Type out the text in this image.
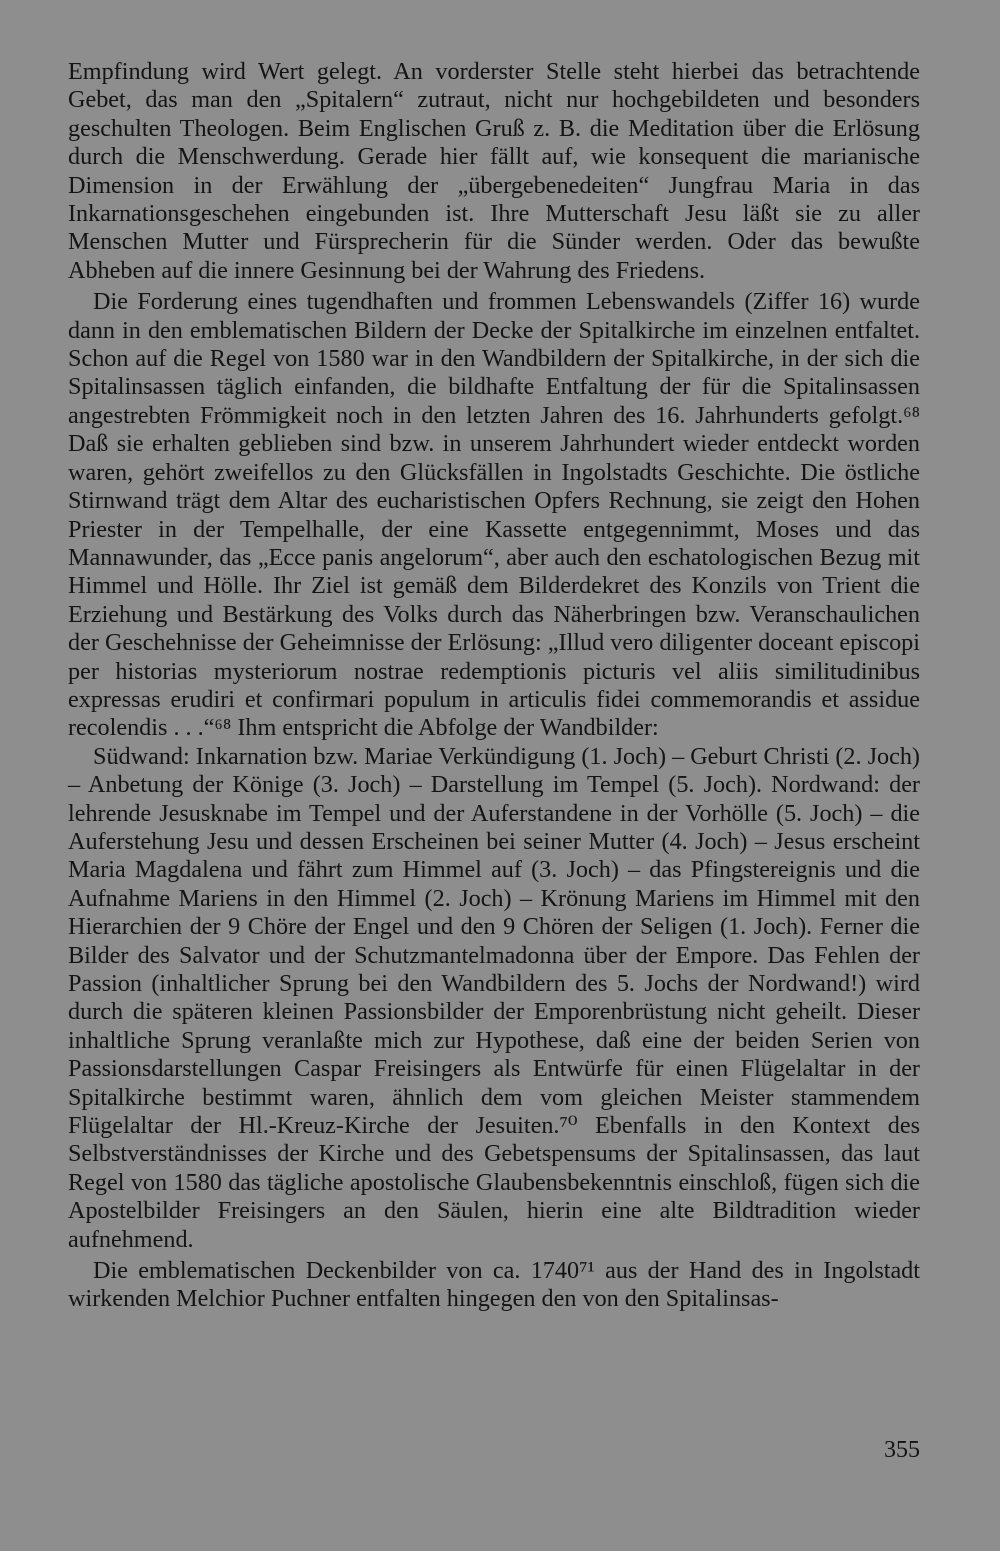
Empfindung wird Wert gelegt. An vorderster Stelle steht hierbei das betrachtende Gebet, das man den „Spitalern“ zutraut, nicht nur hochgebildeten und besonders geschulten Theologen. Beim Englischen Gruß z. B. die Meditation über die Erlösung durch die Menschwerdung. Gerade hier fällt auf, wie konsequent die marianische Dimension in der Erwählung der „übergebenedeiten“ Jungfrau Maria in das Inkarnationsgeschehen eingebunden ist. Ihre Mutterschaft Jesu läßt sie zu aller Menschen Mutter und Fürsprecherin für die Sünder werden. Oder das bewußte Abheben auf die innere Gesinnung bei der Wahrung des Friedens.

Die Forderung eines tugendhaften und frommen Lebenswandels (Ziffer 16) wurde dann in den emblematischen Bildern der Decke der Spitalkirche im einzelnen entfaltet. Schon auf die Regel von 1580 war in den Wandbildern der Spitalkirche, in der sich die Spitalinsassen täglich einfanden, die bildhafte Entfaltung der für die Spitalinsassen angestrebten Frömmigkeit noch in den letzten Jahren des 16. Jahrhunderts gefolgt.⁶⁸ Daß sie erhalten geblieben sind bzw. in unserem Jahrhundert wieder entdeckt worden waren, gehört zweifellos zu den Glücksfällen in Ingolstadts Geschichte. Die östliche Stirnwand trägt dem Altar des eucharistischen Opfers Rechnung, sie zeigt den Hohen Priester in der Tempelhalle, der eine Kassette entgegennimmt, Moses und das Mannawunder, das „Ecce panis angelorum“, aber auch den eschatologischen Bezug mit Himmel und Hölle. Ihr Ziel ist gemäß dem Bilderdekret des Konzils von Trient die Erziehung und Bestärkung des Volks durch das Näherbringen bzw. Veranschaulichen der Geschehnisse der Geheimnisse der Erlösung: „Illud vero diligenter doceant episcopi per historias mysteriorum nostrae redemptionis picturis vel aliis similitudinibus expressas erudiri et confirmari populum in articulis fidei commemorandis et assidue recolendis . . .“⁶⁸ Ihm entspricht die Abfolge der Wandbilder:

Südwand: Inkarnation bzw. Mariae Verkündigung (1. Joch) – Geburt Christi (2. Joch) – Anbetung der Könige (3. Joch) – Darstellung im Tempel (5. Joch). Nordwand: der lehrende Jesusknabe im Tempel und der Auferstandene in der Vorhölle (5. Joch) – die Auferstehung Jesu und dessen Erscheinen bei seiner Mutter (4. Joch) – Jesus erscheint Maria Magdalena und fährt zum Himmel auf (3. Joch) – das Pfingstereignis und die Aufnahme Mariens in den Himmel (2. Joch) – Krönung Mariens im Himmel mit den Hierarchien der 9 Chöre der Engel und den 9 Chören der Seligen (1. Joch). Ferner die Bilder des Salvator und der Schutzmantelmadonna über der Empore. Das Fehlen der Passion (inhaltlicher Sprung bei den Wandbildern des 5. Jochs der Nordwand!) wird durch die späteren kleinen Passionsbilder der Emporenbrüstung nicht geheilt. Dieser inhaltliche Sprung veranlaßte mich zur Hypothese, daß eine der beiden Serien von Passionsdarstellungen Caspar Freisingers als Entwürfe für einen Flügelaltar in der Spitalkirche bestimmt waren, ähnlich dem vom gleichen Meister stammendem Flügelaltar der Hl.-Kreuz-Kirche der Jesuiten.⁷⁰ Ebenfalls in den Kontext des Selbstverständnisses der Kirche und des Gebetspensums der Spitalinsassen, das laut Regel von 1580 das tägliche apostolische Glaubensbekenntnis einschloß, fügen sich die Apostelbilder Freisingers an den Säulen, hierin eine alte Bildtradition wieder aufnehmend.

Die emblematischen Deckenbilder von ca. 1740⁷¹ aus der Hand des in Ingolstadt wirkenden Melchior Puchner entfalten hingegen den von den Spitalinsas-

355
